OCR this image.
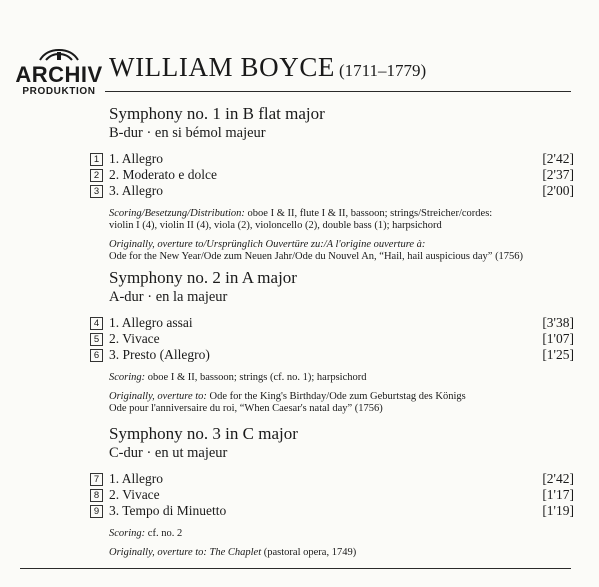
ARCHIV
PRODUKTION
WILLIAM BOYCE (1711–1779)
Symphony no. 1 in B flat major
B-dur · en si bémol majeur
1 1. Allegro	[2'42]
2 2. Moderato e dolce	[2'37]
3 3. Allegro	[2'00]

Scoring/Besetzung/Distribution: oboe I & II, flute I & II, bassoon; strings/Streicher/cordes:

violin I (4), violin II (4), viola (2), violoncello (2), double bass (1); harpsichord

Originally, overture to/Ursprünglich Ouvertüre zu:/A l'origine ouverture à:

Ode for the New Year/Ode zum Neuen Jahr/Ode du Nouvel An, “Hail, hail auspicious day” (1756)

Symphony no. 2 in A major
A-dur · en la majeur
4 1. Allegro assai	[3'38]
5 2. Vivace	[1'07]
6 3. Presto (Allegro)	[1'25]

Scoring: oboe I & II, bassoon; strings (cf. no. 1); harpsichord

Originally, overture to: Ode for the King's Birthday/Ode zum Geburtstag des Königs

Ode pour l'anniversaire du roi, “When Caesar's natal day” (1756)

Symphony no. 3 in C major
C-dur · en ut majeur
7 1. Allegro	[2'42]
8 2. Vivace	[1'17]
9 3. Tempo di Minuetto	[1'19]

Scoring: cf. no. 2

Originally, overture to: The Chaplet (pastoral opera, 1749)
